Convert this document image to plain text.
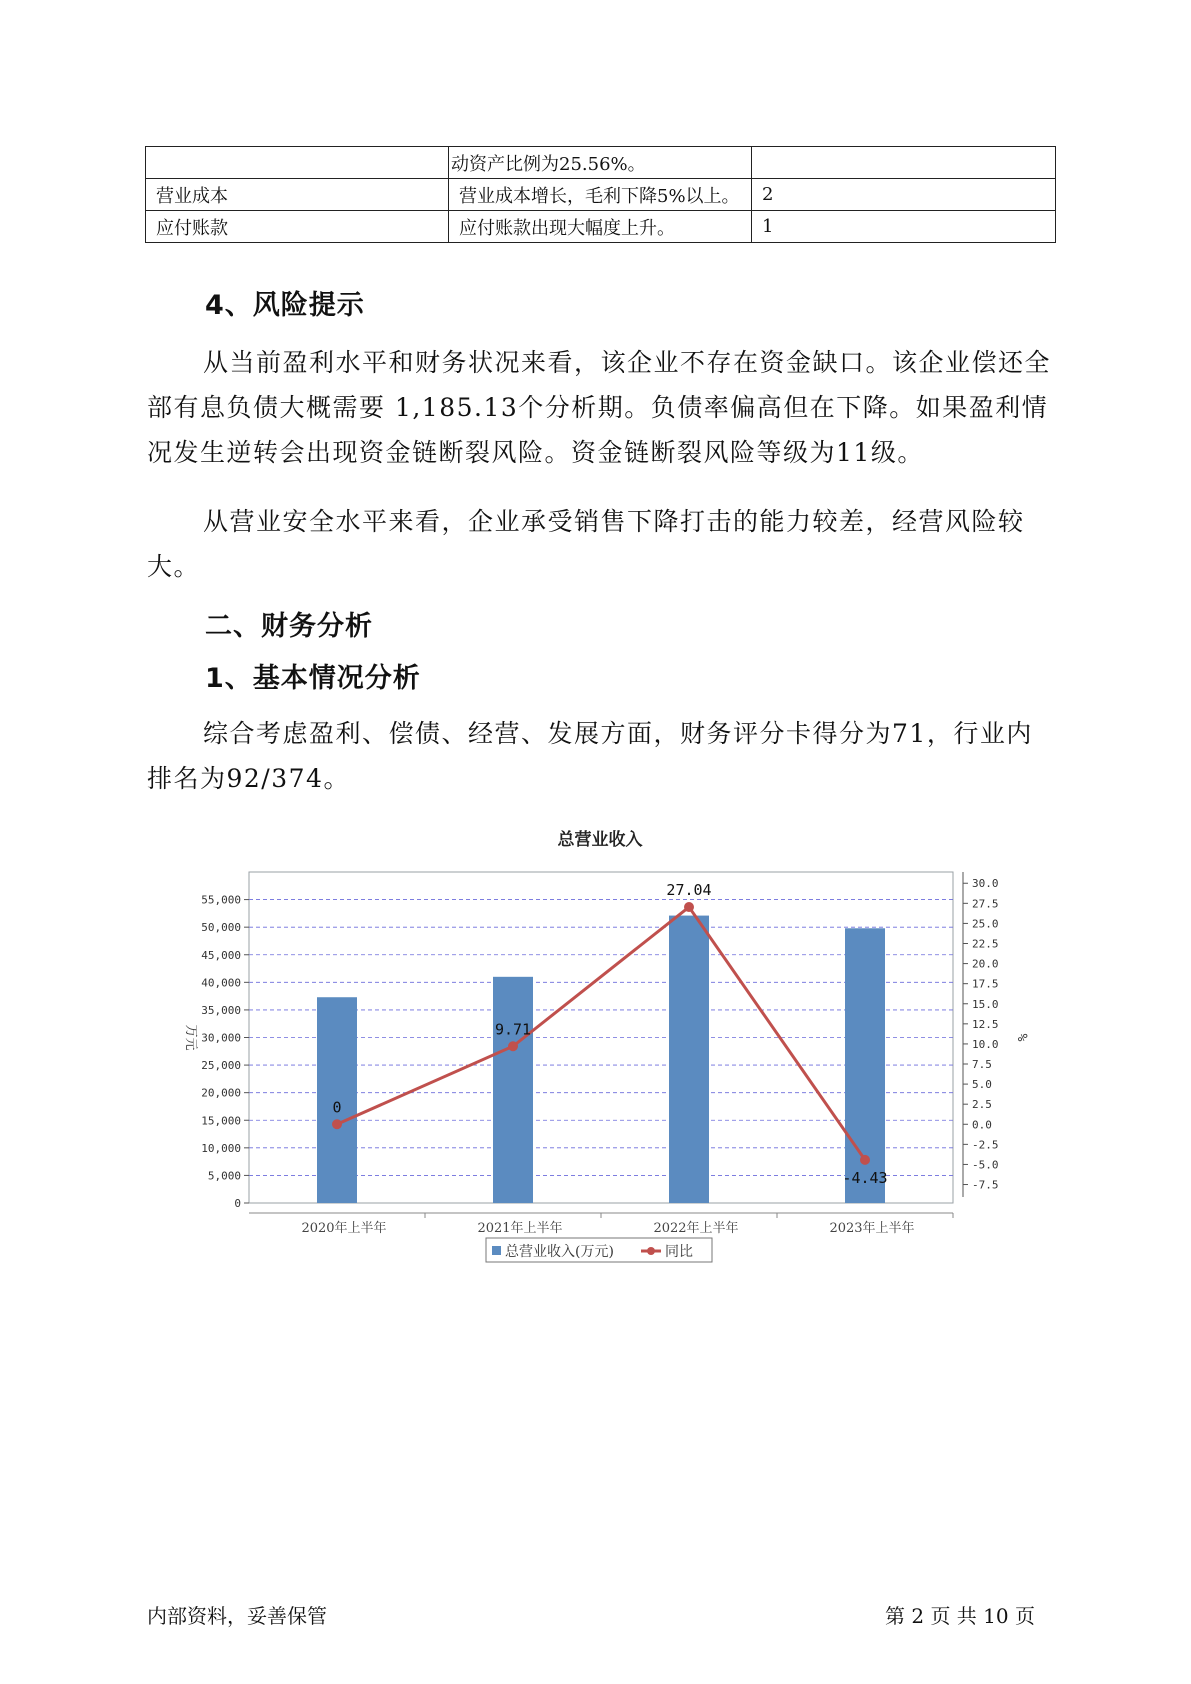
	动资产比例为25.56%。	
营业成本	营业成本增长，毛利下降5%以上。	2
应付账款	应付账款出现大幅度上升。	1
4、风险提示

从当前盈利水平和财务状况来看，该企业不存在资金缺口。该企业偿还全部有息负债大概需要 1,185.13个分析期。负债率偏高但在下降。如果盈利情况发生逆转会出现资金链断裂风险。资金链断裂风险等级为11级。

从营业安全水平来看，企业承受销售下降打击的能力较差，经营风险较大。

二、财务分析
1、基本情况分析

综合考虑盈利、偿债、经营、发展方面，财务评分卡得分为71，行业内排名为92/374。

总营业收入
0
5,000
10,000
15,000
20,000
25,000
30,000
35,000
40,000
45,000
50,000
55,000
万元
-7.5
-5.0
-2.5
0.0
2.5
5.0
7.5
10.0
12.5
15.0
17.5
20.0
22.5
25.0
27.5
30.0
%
2020年上半年	2021年上半年	2022年上半年	2023年上半年
0
9.71
27.04
-4.43
总营业收入(万元)	同比
内部资料，妥善保管	第 2 页 共 10 页
